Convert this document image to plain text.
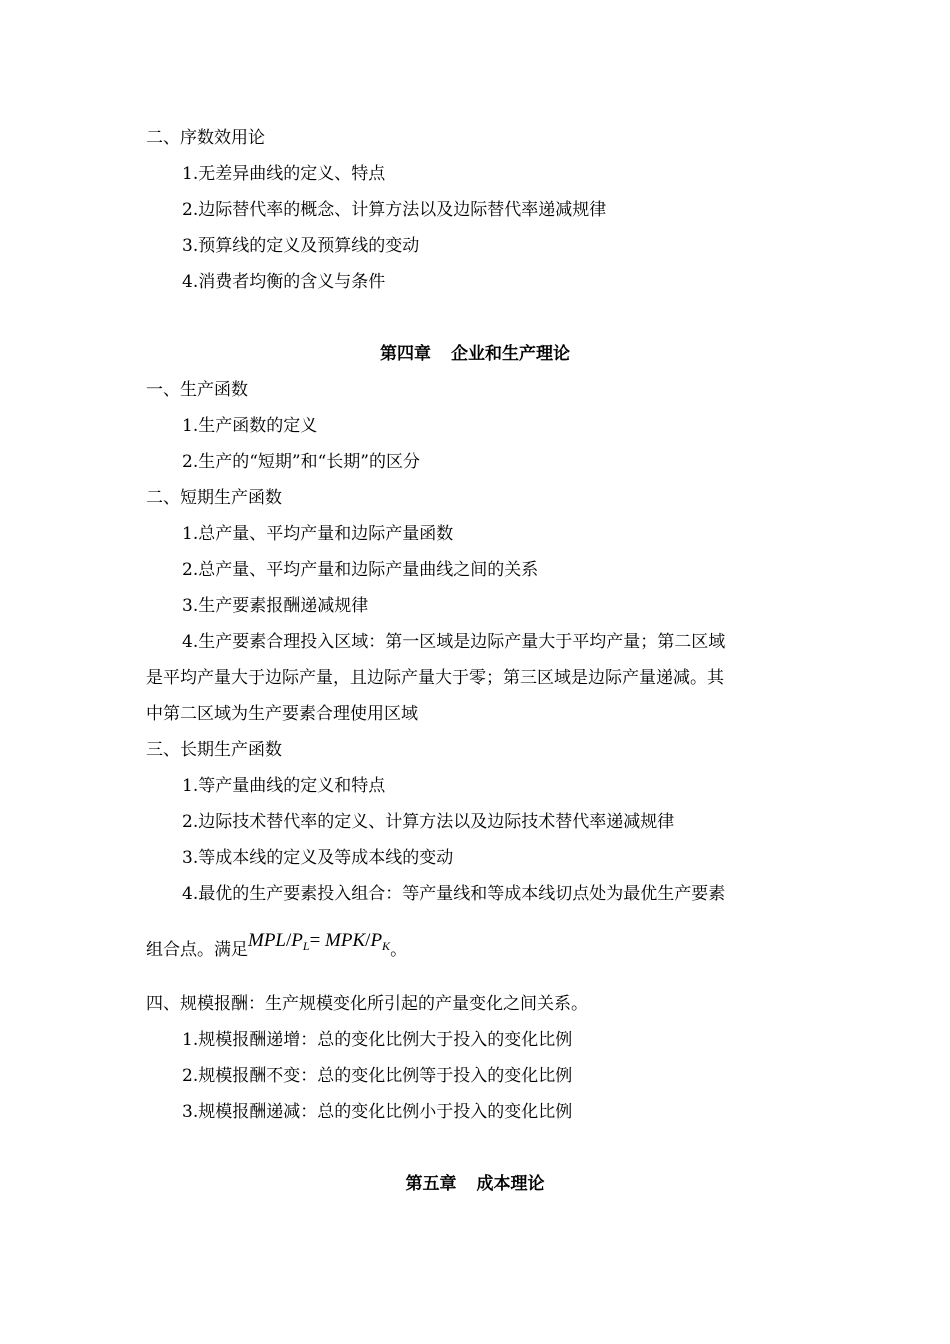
二、序数效用论
1.无差异曲线的定义、特点
2.边际替代率的概念、计算方法以及边际替代率递减规律
3.预算线的定义及预算线的变动
4.消费者均衡的含义与条件
第四章 企业和生产理论
一、生产函数
1.生产函数的定义
2.生产的“短期”和“长期”的区分
二、短期生产函数
1.总产量、平均产量和边际产量函数
2.总产量、平均产量和边际产量曲线之间的关系
3.生产要素报酬递减规律
4.生产要素合理投入区域：第一区域是边际产量大于平均产量；第二区域
是平均产量大于边际产量，且边际产量大于零；第三区域是边际产量递减。其
中第二区域为生产要素合理使用区域
三、长期生产函数
1.等产量曲线的定义和特点
2.边际技术替代率的定义、计算方法以及边际技术替代率递减规律
3.等成本线的定义及等成本线的变动
4.最优的生产要素投入组合：等产量线和等成本线切点处为最优生产要素
组合点。满足MPL/$P_L= MPK/P_K$。
四、规模报酬：生产规模变化所引起的产量变化之间关系。
1.规模报酬递增：总的变化比例大于投入的变化比例
2.规模报酬不变：总的变化比例等于投入的变化比例
3.规模报酬递减：总的变化比例小于投入的变化比例
第五章 成本理论
